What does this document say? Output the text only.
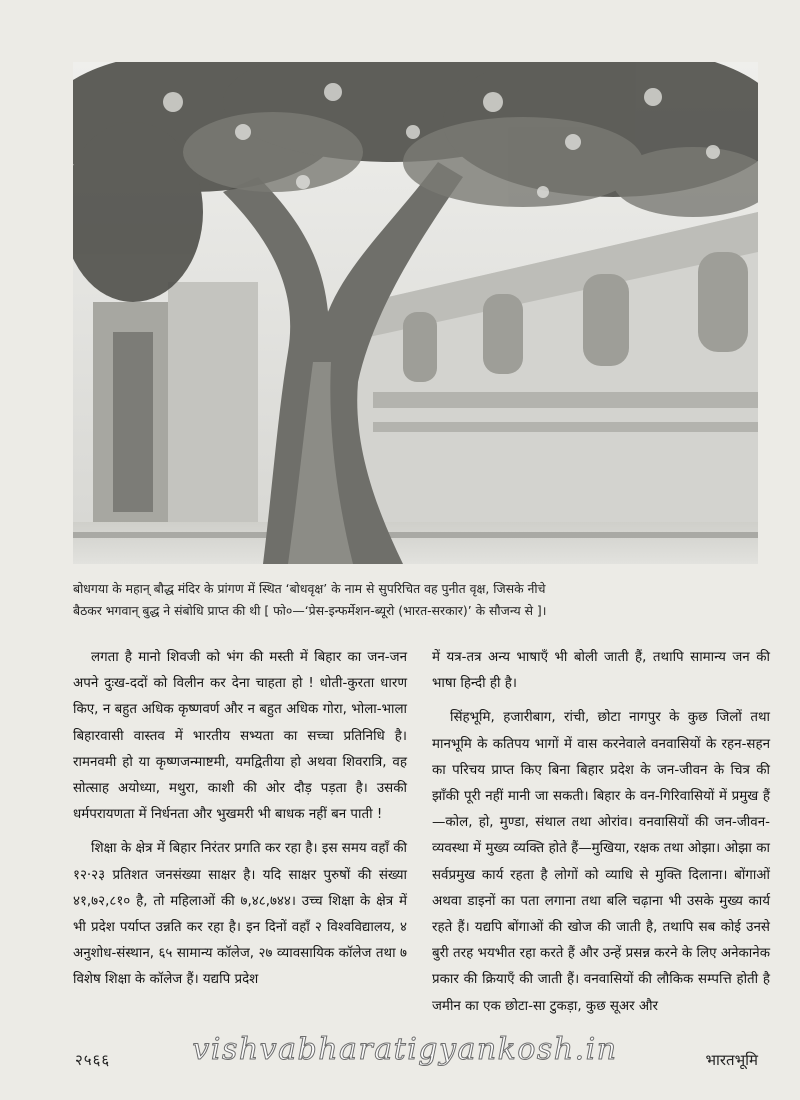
बोधगया के महान् बौद्ध मंदिर के प्रांगण में स्थित ‘बोधवृक्ष’ के नाम से सुपरिचित वह पुनीत वृक्ष, जिसके नीचे
बैठकर भगवान् बुद्ध ने संबोधि प्राप्त की थी [ फो०—‘प्रेस-इन्फर्मेशन-ब्यूरो (भारत-सरकार)’ के सौजन्य से ]।

लगता है मानो शिवजी को भंग की मस्ती में बिहार का जन-जन अपने दुःख-ददों को विलीन कर देना चाहता हो ! धोती-कुरता धारण किए, न बहुत अधिक कृष्णवर्ण और न बहुत अधिक गोरा, भोला-भाला बिहारवासी वास्तव में भारतीय सभ्यता का सच्चा प्रतिनिधि है। रामनवमी हो या कृष्णजन्माष्टमी, यमद्वितीया हो अथवा शिवरात्रि, वह सोत्साह अयोध्या, मथुरा, काशी की ओर दौड़ पड़ता है। उसकी धर्मपरायणता में निर्धनता और भुखमरी भी बाधक नहीं बन पाती !

शिक्षा के क्षेत्र में बिहार निरंतर प्रगति कर रहा है। इस समय वहाँ की १२·२३ प्रतिशत जनसंख्या साक्षर है। यदि साक्षर पुरुषों की संख्या ४१,७२,८१० है, तो महिलाओं की ७,४८,७४४। उच्च शिक्षा के क्षेत्र में भी प्रदेश पर्याप्त उन्नति कर रहा है। इन दिनों वहाँ २ विश्वविद्यालय, ४ अनुशोध-संस्थान, ६५ सामान्य कॉलेज, २७ व्यावसायिक कॉलेज तथा ७ विशेष शिक्षा के कॉलेज हैं। यद्यपि प्रदेश

में यत्र-तत्र अन्य भाषाएँ भी बोली जाती हैं, तथापि सामान्य जन की भाषा हिन्दी ही है।

सिंहभूमि, हजारीबाग, रांची, छोटा नागपुर के कुछ जिलों तथा मानभूमि के कतिपय भागों में वास करनेवाले वनवासियों के रहन-सहन का परिचय प्राप्त किए बिना बिहार प्रदेश के जन-जीवन के चित्र की झाँकी पूरी नहीं मानी जा सकती। बिहार के वन-गिरिवासियों में प्रमुख हैं—कोल, हो, मुण्डा, संथाल तथा ओरांव। वनवासियों की जन-जीवन-व्यवस्था में मुख्य व्यक्ति होते हैं—मुखिया, रक्षक तथा ओझा। ओझा का सर्वप्रमुख कार्य रहता है लोगों को व्याधि से मुक्ति दिलाना। बोंगाओं अथवा डाइनों का पता लगाना तथा बलि चढ़ाना भी उसके मुख्य कार्य रहते हैं। यद्यपि बोंगाओं की खोज की जाती है, तथापि सब कोई उनसे बुरी तरह भयभीत रहा करते हैं और उन्हें प्रसन्न करने के लिए अनेकानेक प्रकार की क्रियाएँ की जाती हैं। वनवासियों की लौकिक सम्पत्ति होती है जमीन का एक छोटा-सा टुकड़ा, कुछ सूअर और

२५६६	vishvabharatigyankosh.in	भारतभूमि
